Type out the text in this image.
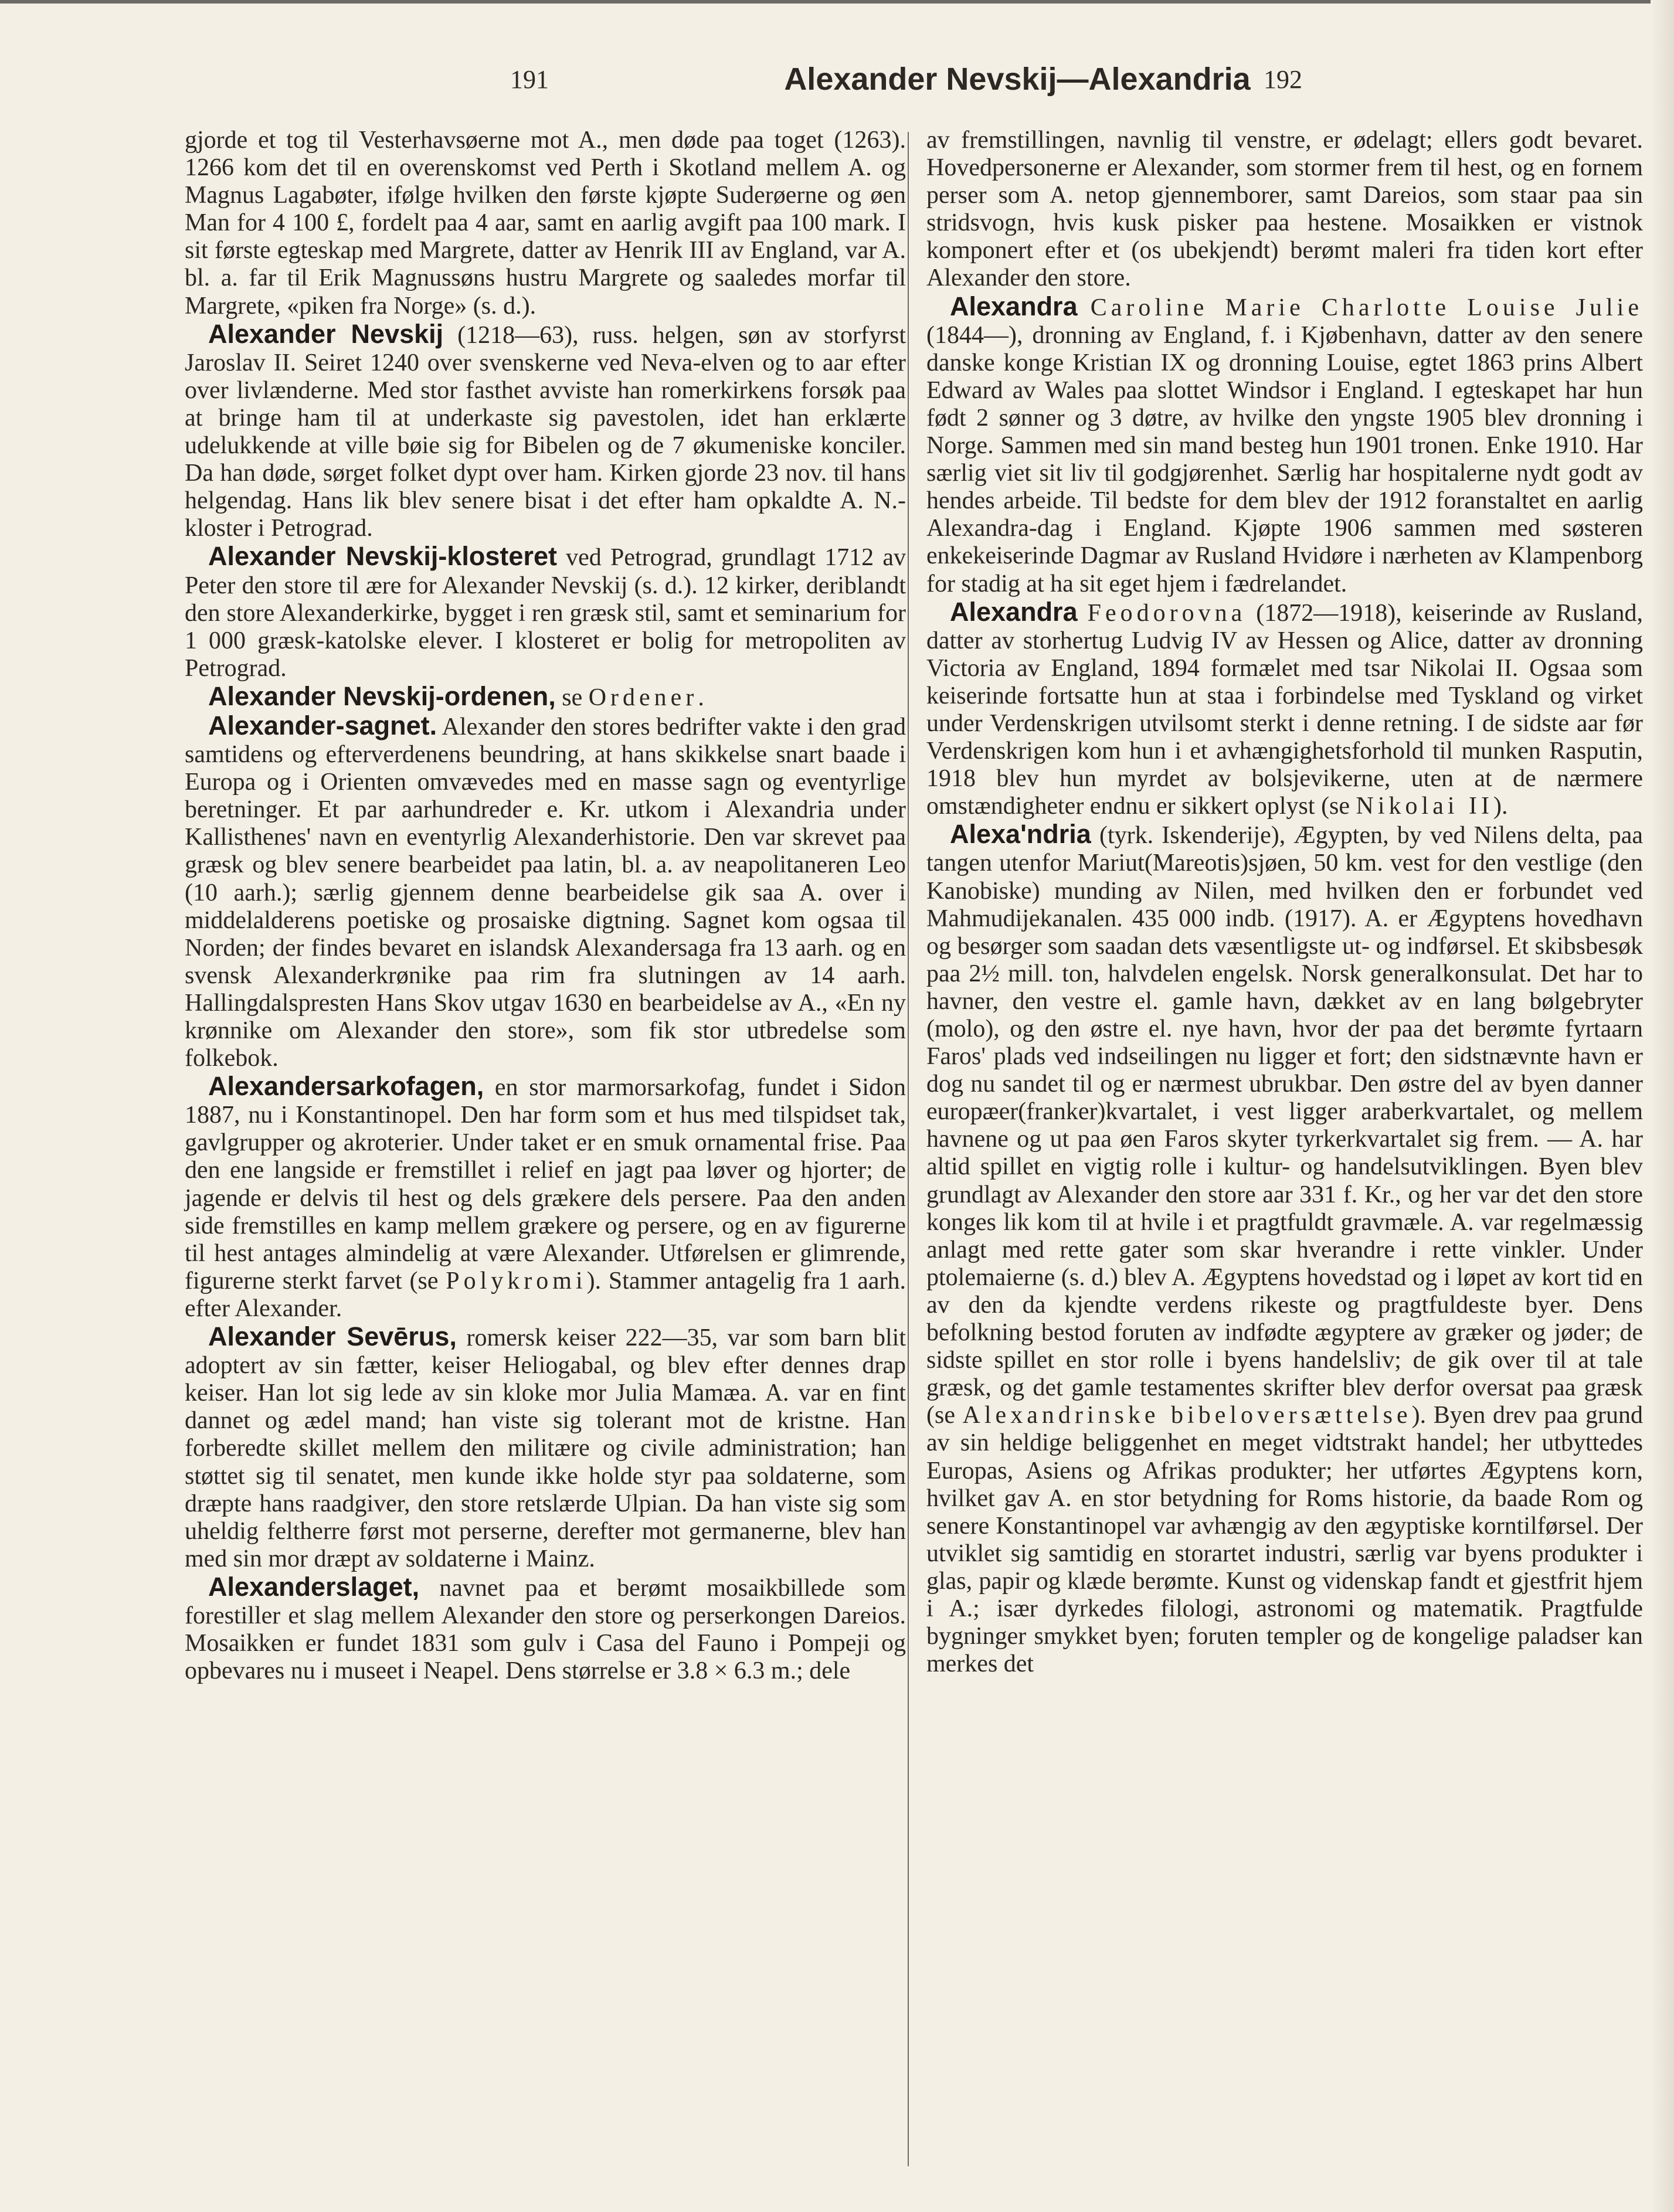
191	Alexander Nevskij—Alexandria 192

gjorde et tog til Vesterhavsøerne mot A., men døde paa toget (1263). 1266 kom det til en overenskomst ved Perth i Skotland mellem A. og Magnus Lagabøter, ifølge hvilken den første kjøpte Suderøerne og øen Man for 4 100 £, fordelt paa 4 aar, samt en aarlig avgift paa 100 mark. I sit første egteskap med Margrete, datter av Henrik III av England, var A. bl. a. far til Erik Magnussøns hustru Margrete og saaledes morfar til Margrete, «piken fra Norge» (s. d.).

Alexander Nevskij (1218—63), russ. helgen, søn av storfyrst Jaroslav II. Seiret 1240 over svenskerne ved Neva-elven og to aar efter over livlænderne. Med stor fasthet avviste han romerkirkens forsøk paa at bringe ham til at underkaste sig pavestolen, idet han erklærte udelukkende at ville bøie sig for Bibelen og de 7 økumeniske konciler. Da han døde, sørget folket dypt over ham. Kirken gjorde 23 nov. til hans helgendag. Hans lik blev senere bisat i det efter ham opkaldte A. N.-kloster i Petrograd.

Alexander Nevskij-klosteret ved Petrograd, grundlagt 1712 av Peter den store til ære for Alexander Nevskij (s. d.). 12 kirker, deriblandt den store Alexanderkirke, bygget i ren græsk stil, samt et seminarium for 1 000 græsk-katolske elever. I klosteret er bolig for metropoliten av Petrograd.

Alexander Nevskij-ordenen, se Ordener.

Alexander-sagnet. Alexander den stores bedrifter vakte i den grad samtidens og efterverdenens beundring, at hans skikkelse snart baade i Europa og i Orienten omvævedes med en masse sagn og eventyrlige beretninger. Et par aarhundreder e. Kr. utkom i Alexandria under Kallisthenes' navn en eventyrlig Alexanderhistorie. Den var skrevet paa græsk og blev senere bearbeidet paa latin, bl. a. av neapolitaneren Leo (10 aarh.); særlig gjennem denne bearbeidelse gik saa A. over i middelalderens poetiske og prosaiske digtning. Sagnet kom ogsaa til Norden; der findes bevaret en islandsk Alexandersaga fra 13 aarh. og en svensk Alexanderkrønike paa rim fra slutningen av 14 aarh. Hallingdalspresten Hans Skov utgav 1630 en bearbeidelse av A., «En ny krønnike om Alexander den store», som fik stor utbredelse som folkebok.

Alexandersarkofagen, en stor marmorsarkofag, fundet i Sidon 1887, nu i Konstantinopel. Den har form som et hus med tilspidset tak, gavlgrupper og akroterier. Under taket er en smuk ornamental frise. Paa den ene langside er fremstillet i relief en jagt paa løver og hjorter; de jagende er delvis til hest og dels grækere dels persere. Paa den anden side fremstilles en kamp mellem grækere og persere, og en av figurerne til hest antages almindelig at være Alexander. Utførelsen er glimrende, figurerne sterkt farvet (se Polykromi). Stammer antagelig fra 1 aarh. efter Alexander.

Alexander Sevērus, romersk keiser 222—35, var som barn blit adoptert av sin fætter, keiser Heliogabal, og blev efter dennes drap keiser. Han lot sig lede av sin kloke mor Julia Mamæa. A. var en fint dannet og ædel mand; han viste sig tolerant mot de kristne. Han forberedte skillet mellem den militære og civile administration; han støttet sig til senatet, men kunde ikke holde styr paa soldaterne, som dræpte hans raadgiver, den store retslærde Ulpian. Da han viste sig som uheldig feltherre først mot perserne, derefter mot germanerne, blev han med sin mor dræpt av soldaterne i Mainz.

Alexanderslaget, navnet paa et berømt mosaikbillede som forestiller et slag mellem Alexander den store og perserkongen Dareios. Mosaikken er fundet 1831 som gulv i Casa del Fauno i Pompeji og opbevares nu i museet i Neapel. Dens størrelse er 3.8 × 6.3 m.; dele

av fremstillingen, navnlig til venstre, er ødelagt; ellers godt bevaret. Hovedpersonerne er Alexander, som stormer frem til hest, og en fornem perser som A. netop gjennemborer, samt Dareios, som staar paa sin stridsvogn, hvis kusk pisker paa hestene. Mosaikken er vistnok komponert efter et (os ubekjendt) berømt maleri fra tiden kort efter Alexander den store.

Alexandra Caroline Marie Charlotte Louise Julie (1844—), dronning av England, f. i Kjøbenhavn, datter av den senere danske konge Kristian IX og dronning Louise, egtet 1863 prins Albert Edward av Wales paa slottet Windsor i England. I egteskapet har hun født 2 sønner og 3 døtre, av hvilke den yngste 1905 blev dronning i Norge. Sammen med sin mand besteg hun 1901 tronen. Enke 1910. Har særlig viet sit liv til godgjørenhet. Særlig har hospitalerne nydt godt av hendes arbeide. Til bedste for dem blev der 1912 foranstaltet en aarlig Alexandra-dag i England. Kjøpte 1906 sammen med søsteren enkekeiserinde Dagmar av Rusland Hvidøre i nærheten av Klampenborg for stadig at ha sit eget hjem i fædrelandet.

Alexandra Feodorovna (1872—1918), keiserinde av Rusland, datter av storhertug Ludvig IV av Hessen og Alice, datter av dronning Victoria av England, 1894 formælet med tsar Nikolai II. Ogsaa som keiserinde fortsatte hun at staa i forbindelse med Tyskland og virket under Verdenskrigen utvilsomt sterkt i denne retning. I de sidste aar før Verdenskrigen kom hun i et avhængighetsforhold til munken Rasputin, 1918 blev hun myrdet av bolsjevikerne, uten at de nærmere omstændigheter endnu er sikkert oplyst (se Nikolai II).

Alexa'ndria (tyrk. Iskenderije), Ægypten, by ved Nilens delta, paa tangen utenfor Mariut(Mareotis)sjøen, 50 km. vest for den vestlige (den Kanobiske) munding av Nilen, med hvilken den er forbundet ved Mahmudijekanalen. 435 000 indb. (1917). A. er Ægyptens hovedhavn og besørger som saadan dets væsentligste ut- og indførsel. Et skibsbesøk paa 2½ mill. ton, halvdelen engelsk. Norsk generalkonsulat. Det har to havner, den vestre el. gamle havn, dækket av en lang bølgebryter (molo), og den østre el. nye havn, hvor der paa det berømte fyrtaarn Faros' plads ved indseilingen nu ligger et fort; den sidstnævnte havn er dog nu sandet til og er nærmest ubrukbar. Den østre del av byen danner europæer(franker)kvartalet, i vest ligger araberkvartalet, og mellem havnene og ut paa øen Faros skyter tyrkerkvartalet sig frem. — A. har altid spillet en vigtig rolle i kultur- og handelsutviklingen. Byen blev grundlagt av Alexander den store aar 331 f. Kr., og her var det den store konges lik kom til at hvile i et pragtfuldt gravmæle. A. var regelmæssig anlagt med rette gater som skar hverandre i rette vinkler. Under ptolemaierne (s. d.) blev A. Ægyptens hovedstad og i løpet av kort tid en av den da kjendte verdens rikeste og pragtfuldeste byer. Dens befolkning bestod foruten av indfødte ægyptere av græker og jøder; de sidste spillet en stor rolle i byens handelsliv; de gik over til at tale græsk, og det gamle testamentes skrifter blev derfor oversat paa græsk (se Alexandrinske bibeloversættelse). Byen drev paa grund av sin heldige beliggenhet en meget vidtstrakt handel; her utbyttedes Europas, Asiens og Afrikas produkter; her utførtes Ægyptens korn, hvilket gav A. en stor betydning for Roms historie, da baade Rom og senere Konstantinopel var avhængig av den ægyptiske korntilførsel. Der utviklet sig samtidig en storartet industri, særlig var byens produkter i glas, papir og klæde berømte. Kunst og videnskap fandt et gjestfrit hjem i A.; især dyrkedes filologi, astronomi og matematik. Pragtfulde bygninger smykket byen; foruten templer og de kongelige paladser kan merkes det
